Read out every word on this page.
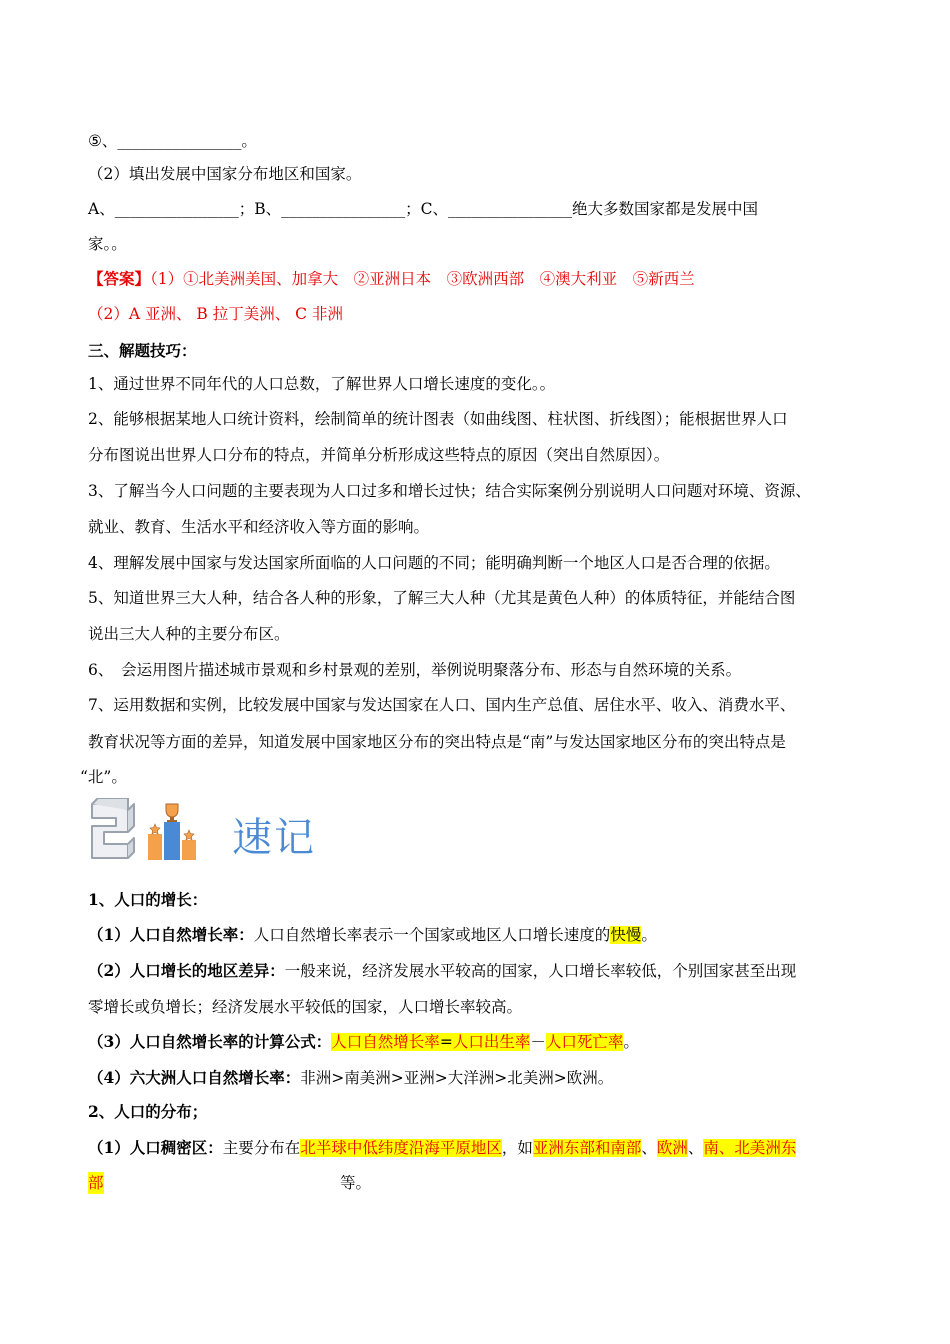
⑤、________________。
（2）填出发展中国家分布地区和国家。
A、________________；B、________________；C、________________绝大多数国家都是发展中国
家。。
【答案】（1）①北美洲美国、加拿大　②亚洲日本　③欧洲西部　④澳大利亚　⑤新西兰
（2）A 亚洲、 B 拉丁美洲、 C 非洲
三、解题技巧：
1、通过世界不同年代的人口总数，了解世界人口增长速度的变化。。
2、能够根据某地人口统计资料，绘制简单的统计图表（如曲线图、柱状图、折线图）；能根据世界人口
分布图说出世界人口分布的特点，并简单分析形成这些特点的原因（突出自然原因）。
3、了解当今人口问题的主要表现为人口过多和增长过快；结合实际案例分别说明人口问题对环境、资源、
就业、教育、生活水平和经济收入等方面的影响。
4、理解发展中国家与发达国家所面临的人口问题的不同；能明确判断一个地区人口是否合理的依据。
5、知道世界三大人种，结合各人种的形象，了解三大人种（尤其是黄色人种）的体质特征，并能结合图
说出三大人种的主要分布区。
6、　会运用图片描述城市景观和乡村景观的差别，举例说明聚落分布、形态与自然环境的关系。
7、运用数据和实例，比较发展中国家与发达国家在人口、国内生产总值、居住水平、收入、消费水平、
教育状况等方面的差异，知道发展中国家地区分布的突出特点是“南”与发达国家地区分布的突出特点是
“北”。
速记
1、人口的增长：
（1）人口自然增长率：人口自然增长率表示一个国家或地区人口增长速度的快慢。
（2）人口增长的地区差异：一般来说，经济发展水平较高的国家，人口增长率较低，个别国家甚至出现
零增长或负增长；经济发展水平较低的国家，人口增长率较高。
（3）人口自然增长率的计算公式：人口自然增长率=人口出生率－人口死亡率。
（4）六大洲人口自然增长率：非洲>南美洲>亚洲>大洋洲>北美洲>欧洲。
2、人口的分布；
（1）人口稠密区：主要分布在北半球中低纬度沿海平原地区，如亚洲东部和南部、欧洲、南、北美洲东
部	等。
